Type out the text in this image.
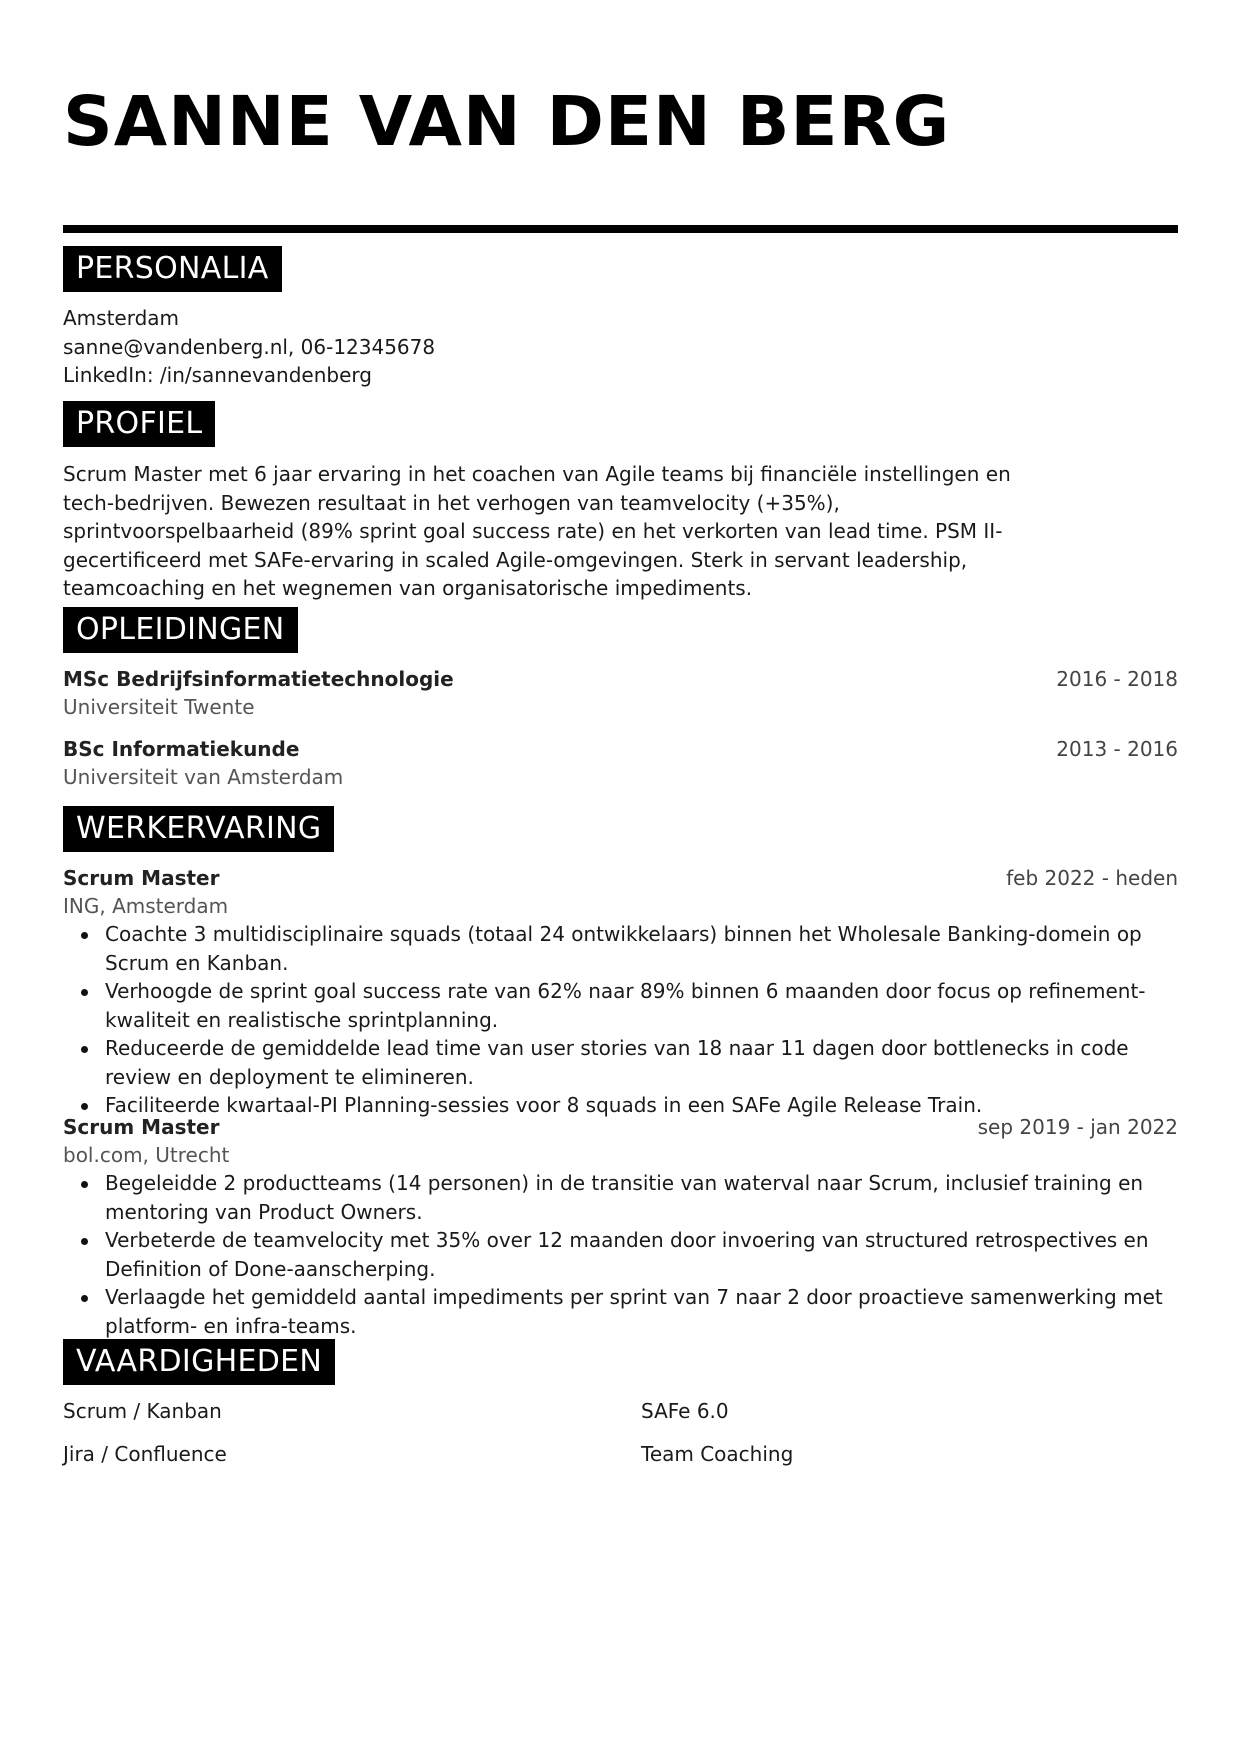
SANNE VAN DEN BERG
PERSONALIA
Amsterdam
sanne@vandenberg.nl, 06-12345678
LinkedIn: /in/sannevandenberg
PROFIEL
Scrum Master met 6 jaar ervaring in het coachen van Agile teams bij financiële instellingen en tech-bedrijven. Bewezen resultaat in het verhogen van teamvelocity (+35%), sprintvoorspelbaarheid (89% sprint goal success rate) en het verkorten van lead time. PSM II-gecertificeerd met SAFe-ervaring in scaled Agile-omgevingen. Sterk in servant leadership, teamcoaching en het wegnemen van organisatorische impediments.
OPLEIDINGEN
MSc Bedrijfsinformatietechnologie	2016 - 2018
Universiteit Twente
BSc Informatiekunde	2013 - 2016
Universiteit van Amsterdam
WERKERVARING
Scrum Master	feb 2022 - heden
ING, Amsterdam
Coachte 3 multidisciplinaire squads (totaal 24 ontwikkelaars) binnen het Wholesale Banking-domein op Scrum en Kanban.
Verhoogde de sprint goal success rate van 62% naar 89% binnen 6 maanden door focus op refinement-kwaliteit en realistische sprintplanning.
Reduceerde de gemiddelde lead time van user stories van 18 naar 11 dagen door bottlenecks in code review en deployment te elimineren.
Faciliteerde kwartaal-PI Planning-sessies voor 8 squads in een SAFe Agile Release Train.
Scrum Master	sep 2019 - jan 2022
bol.com, Utrecht
Begeleidde 2 productteams (14 personen) in de transitie van waterval naar Scrum, inclusief training en mentoring van Product Owners.
Verbeterde de teamvelocity met 35% over 12 maanden door invoering van structured retrospectives en Definition of Done-aanscherping.
Verlaagde het gemiddeld aantal impediments per sprint van 7 naar 2 door proactieve samenwerking met platform- en infra-teams.
VAARDIGHEDEN
Scrum / Kanban	SAFe 6.0
Jira / Confluence	Team Coaching
